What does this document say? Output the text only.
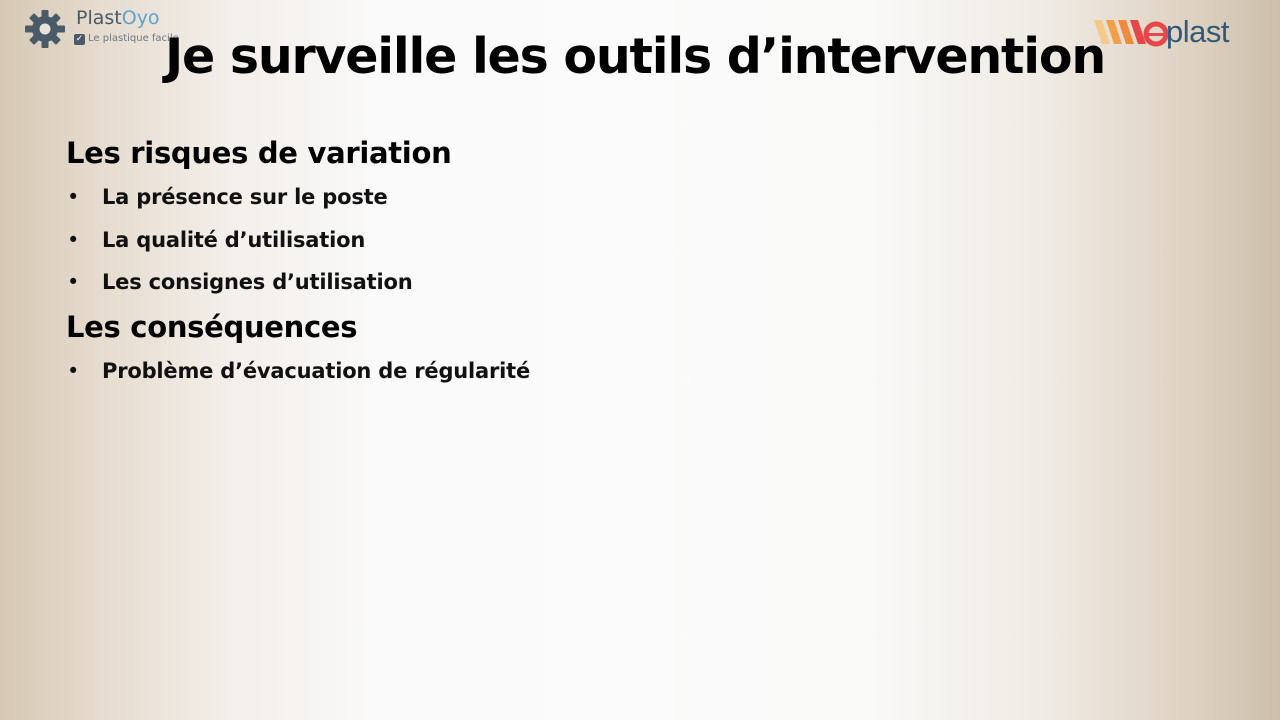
PlastOyo
✓ Le plastique facile	plast
Je surveille les outils d’intervention
Les risques de variation
• La présence sur le poste
• La qualité d’utilisation
• Les consignes d’utilisation
Les conséquences
• Problème d’évacuation de régularité
